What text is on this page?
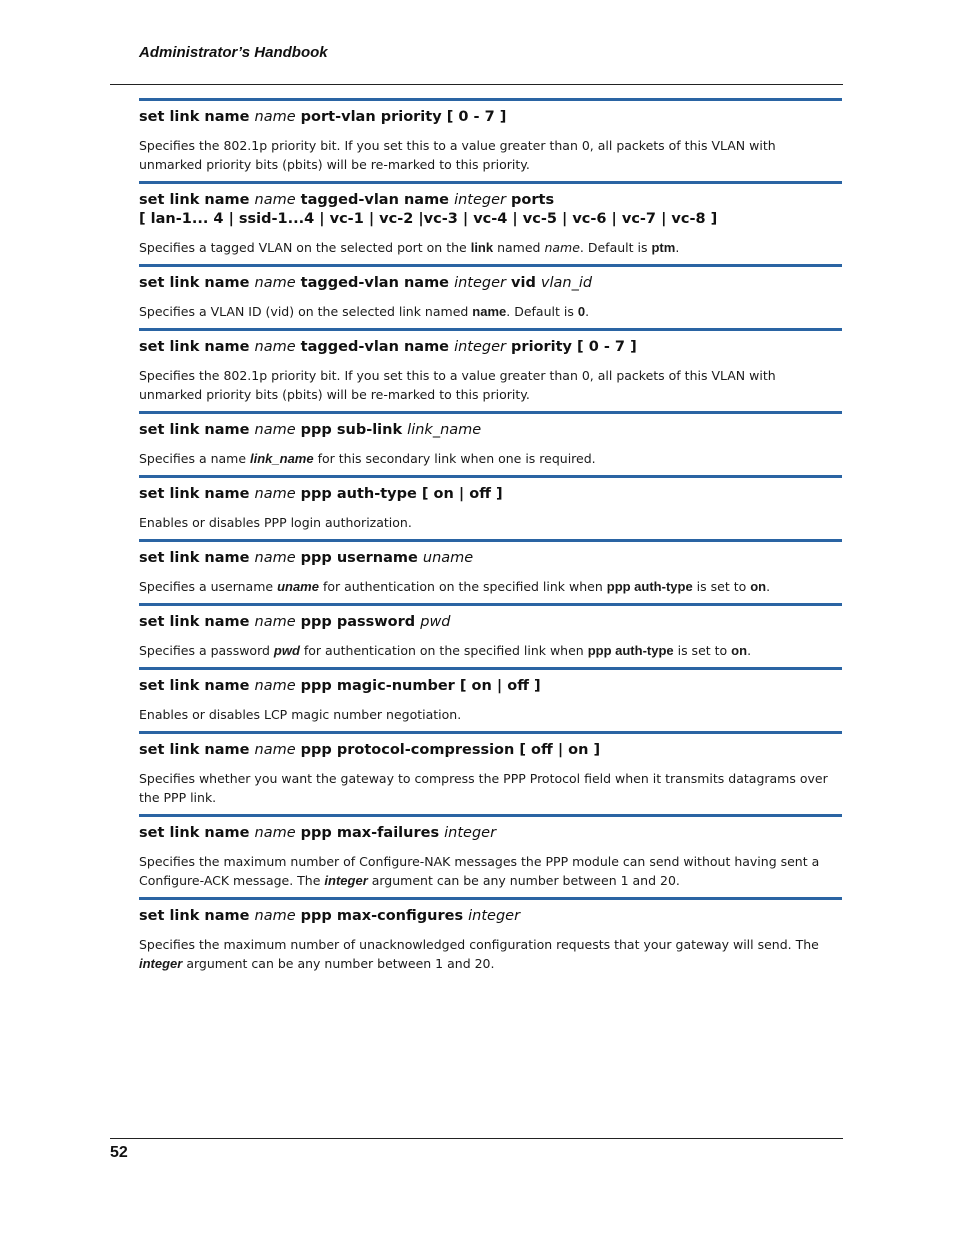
Administrator’s Handbook

set link name name port-vlan priority [ 0 - 7 ]

Specifies the 802.1p priority bit. If you set this to a value greater than 0, all packets of this VLAN with unmarked priority bits (pbits) will be re-marked to this priority.

set link name name tagged-vlan name integer ports
[ lan-1... 4 | ssid-1...4 | vc-1 | vc-2 |vc-3 | vc-4 | vc-5 | vc-6 | vc-7 | vc-8 ]

Specifies a tagged VLAN on the selected port on the link named name. Default is ptm.

set link name name tagged-vlan name integer vid vlan_id

Specifies a VLAN ID (vid) on the selected link named name. Default is 0.

set link name name tagged-vlan name integer priority [ 0 - 7 ]

Specifies the 802.1p priority bit. If you set this to a value greater than 0, all packets of this VLAN with unmarked priority bits (pbits) will be re-marked to this priority.

set link name name ppp sub-link link_name

Specifies a name link_name for this secondary link when one is required.

set link name name ppp auth-type [ on | off ]

Enables or disables PPP login authorization.

set link name name ppp username uname

Specifies a username uname for authentication on the specified link when ppp auth-type is set to on.

set link name name ppp password pwd

Specifies a password pwd for authentication on the specified link when ppp auth-type is set to on.

set link name name ppp magic-number [ on | off ]

Enables or disables LCP magic number negotiation.

set link name name ppp protocol-compression [ off | on ]

Specifies whether you want the gateway to compress the PPP Protocol field when it transmits datagrams over the PPP link.

set link name name ppp max-failures integer

Specifies the maximum number of Configure-NAK messages the PPP module can send without having sent a Configure-ACK message. The integer argument can be any number between 1 and 20.

set link name name ppp max-configures integer

Specifies the maximum number of unacknowledged configuration requests that your gateway will send. The integer argument can be any number between 1 and 20.

52
